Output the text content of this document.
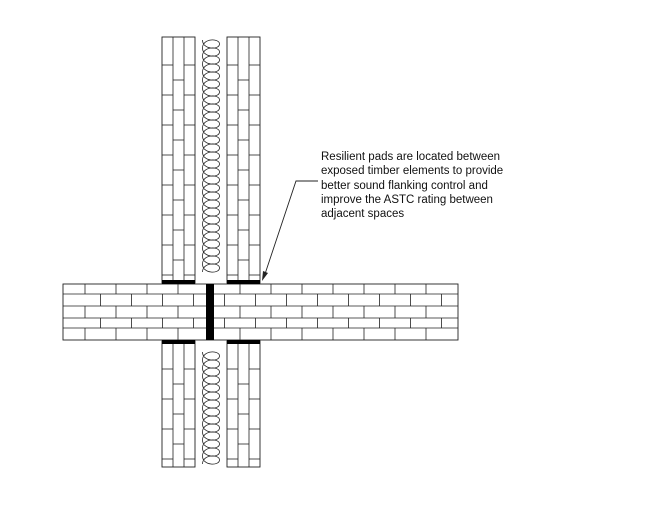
Resilient pads are located between
exposed timber elements to provide
better sound flanking control and
improve the ASTC rating between
adjacent spaces
